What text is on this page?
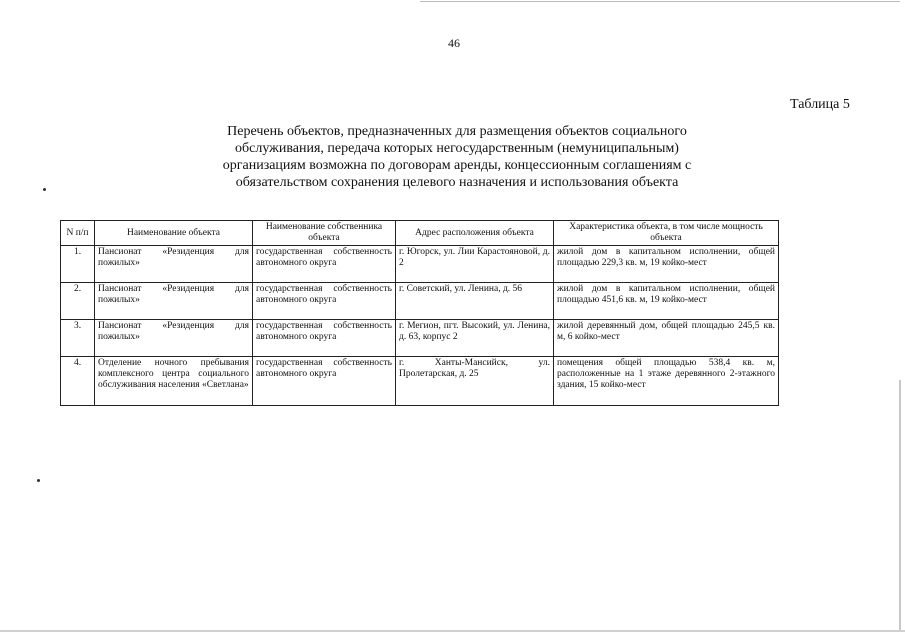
46
Таблица 5
Перечень объектов, предназначенных для размещения объектов социального обслуживания, передача которых негосударственным (немуниципальным) организациям возможна по договорам аренды, концессионным соглашениям с обязательством сохранения целевого назначения и использования объекта
N п/п	Наименование объекта	Наименование собственника объекта	Адрес расположения объекта	Характеристика объекта, в том числе мощность объекта
1.	Пансионат «Резиденция для пожилых»	государственная собственность автономного округа	г. Югорск, ул. Лии Карастояновой, д. 2	жилой дом в капитальном исполнении, общей площадью 229,3 кв. м, 19 койко-мест
2.	Пансионат «Резиденция для пожилых»	государственная собственность автономного округа	г. Советский, ул. Ленина, д. 56	жилой дом в капитальном исполнении, общей площадью 451,6 кв. м, 19 койко-мест
3.	Пансионат «Резиденция для пожилых»	государственная собственность автономного округа	г. Мегион, пгт. Высокий, ул. Ленина, д. 63, корпус 2	жилой деревянный дом, общей площадью 245,5 кв. м, 6 койко-мест
4.	Отделение ночного пребывания комплексного центра социального обслуживания населения «Светлана»	государственная собственность автономного округа	г. Ханты-Мансийск, ул. Пролетарская, д. 25	помещения общей площадью 538,4 кв. м, расположенные на 1 этаже деревянного 2-этажного здания, 15 койко-мест
